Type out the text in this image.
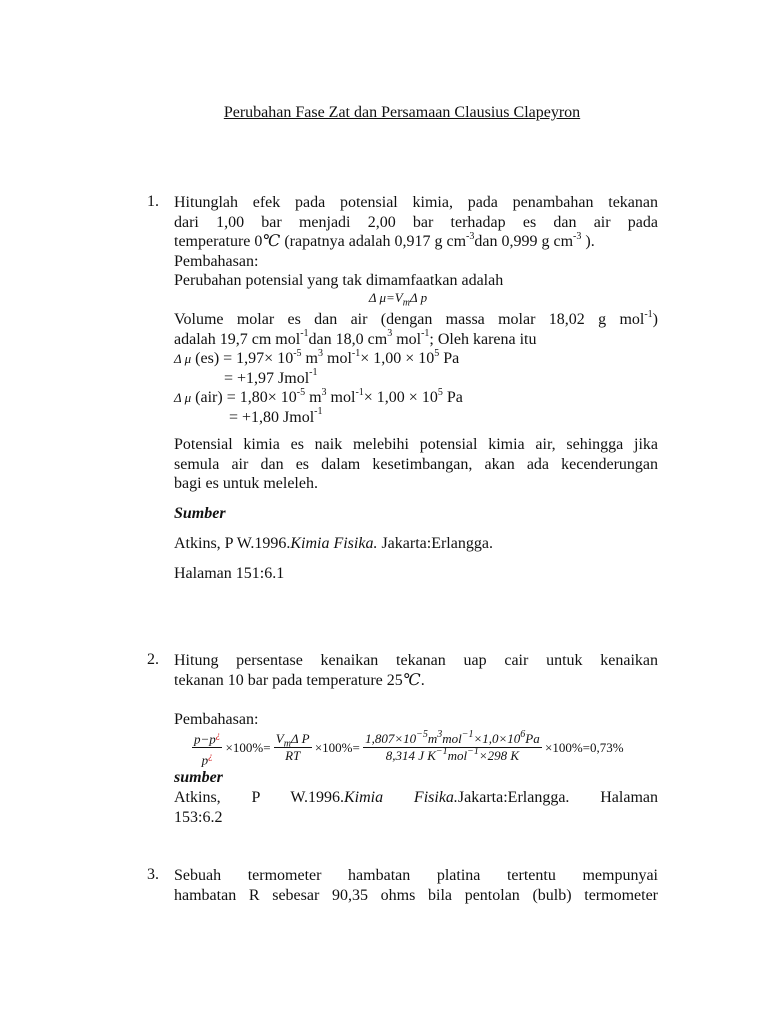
Perubahan Fase Zat dan Persamaan Clausius Clapeyron
1. Hitunglah efek pada potensial kimia, pada penambahan tekanan
dari 1,00 bar menjadi 2,00 bar terhadap es dan air pada
temperature 0℃ (rapatnya adalah 0,917 g $cm^{-3}dan$ 0,999 g $cm^{-3}$ ).
Pembahasan:
Perubahan potensial yang tak dimamfaatkan adalah
Δ $\mu=V_m\Delta$ p
Volume molar es dan air (dengan massa molar 18,02 g mol$^{-1}$)
adalah 19,7 cm mol$^{-1}$dan 18,0 $cm^3$ mol$^{-1}$; Oleh karena itu
Δ μ $(es) = 1,97\times 10^{-5}$ $m^3$ $mol^{-1}\times 1,00 \times 10^5$ Pa
= +1,97 Jmol$^{-1}$
Δ μ $(air) = 1,80\times 10^{-5}$ $m^3$ $mol^{-1}\times 1,00 \times 10^5$ Pa
= +1,80 Jmol$^{-1}$
Potensial kimia es naik melebihi potensial kimia air, sehingga jika
semula air dan es dalam kesetimbangan, akan ada kecenderungan
bagi es untuk meleleh.
Sumber
Atkins, P W.1996.Kimia Fisika. Jakarta:Erlangga.
Halaman 151:6.1
2. Hitung persentase kenaikan tekanan uap cair untuk kenaikan
tekanan 10 bar pada temperature 25℃.
Pembahasan:
$\frac{p-p^¿}{p^¿} \times 100\%= \frac{V_m\Delta P}{RT} \times 100\%= \frac{1,807\times 10^{-5}m^3mol^{-1}\times 1,0\times 10^6Pa}{8,314 J K^{-1}mol^{-1}\times 298 K} \times 100\%=0,73\%$
sumber
Atkins, P W.1996.Kimia Fisika.Jakarta:Erlangga. Halaman
153:6.2
3. Sebuah termometer hambatan platina tertentu mempunyai
hambatan R sebesar 90,35 ohms bila pentolan (bulb) termometer
